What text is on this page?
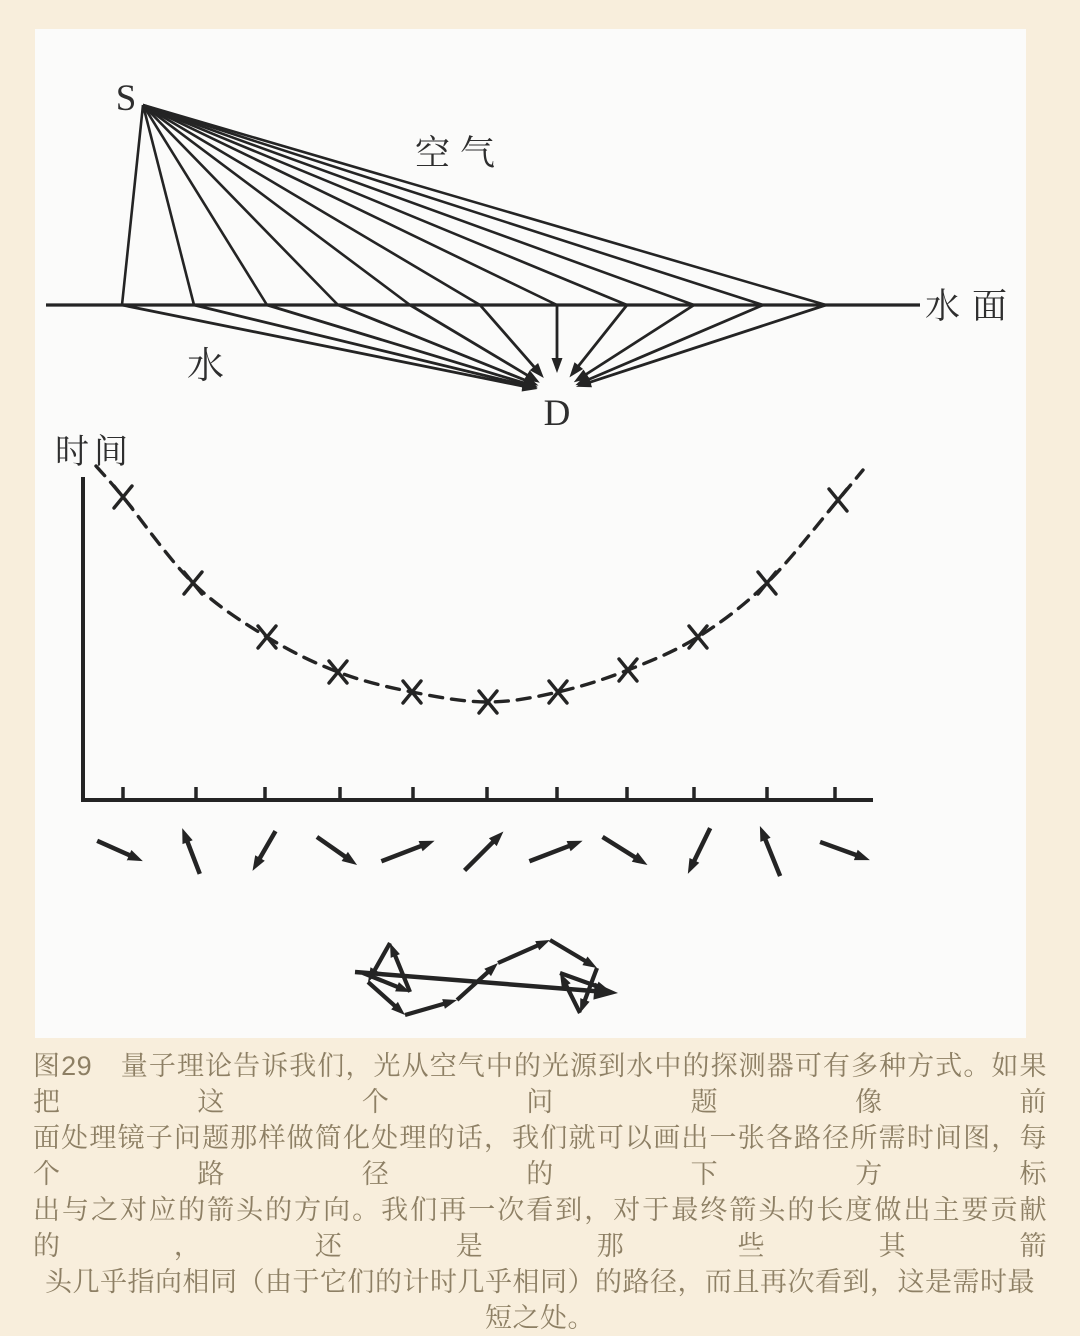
S
空气
水面
水
D
时间
图29　量子理论告诉我们，光从空气中的光源到水中的探测器可有多种方式。如果把这个问题像前
面处理镜子问题那样做简化处理的话，我们就可以画出一张各路径所需时间图，每个路径的下方标
出与之对应的箭头的方向。我们再一次看到，对于最终箭头的长度做出主要贡献的，还是那些其箭
头几乎指向相同（由于它们的计时几乎相同）的路径，而且再次看到，这是需时最短之处。
